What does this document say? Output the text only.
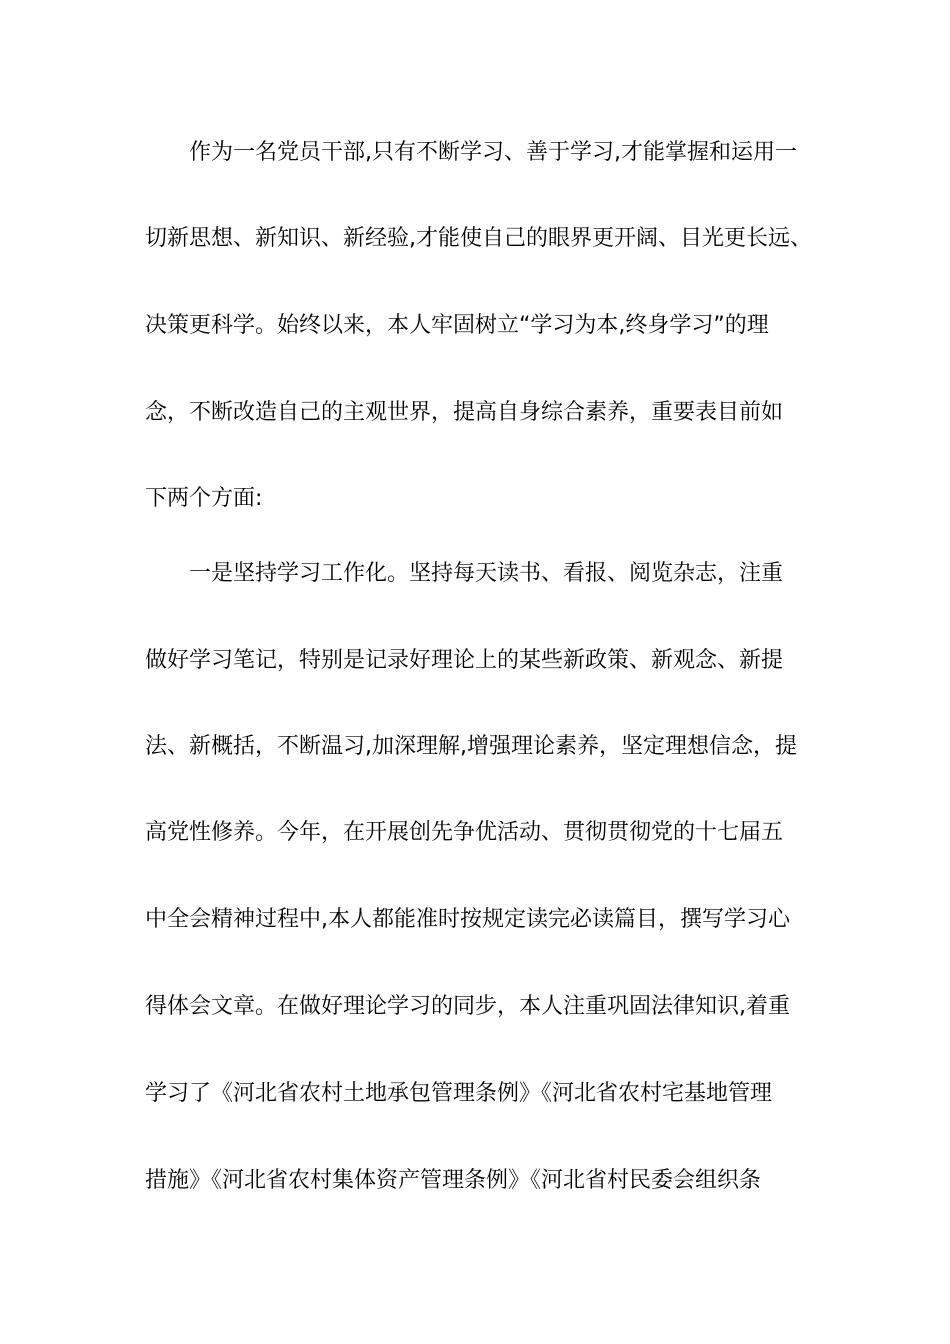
作为一名党员干部,只有不断学习、善于学习,才能掌握和运用一
切新思想、新知识、新经验,才能使自己的眼界更开阔、目光更长远、
决策更科学。始终以来，本人牢固树立“学习为本,终身学习”的理
念，不断改造自己的主观世界，提高自身综合素养，重要表目前如
下两个方面:
一是坚持学习工作化。坚持每天读书、看报、阅览杂志，注重
做好学习笔记，特别是记录好理论上的某些新政策、新观念、新提
法、新概括，不断温习,加深理解,增强理论素养，坚定理想信念，提
高党性修养。今年，在开展创先争优活动、贯彻贯彻党的十七届五
中全会精神过程中,本人都能准时按规定读完必读篇目，撰写学习心
得体会文章。在做好理论学习的同步，本人注重巩固法律知识,着重
学习了《河北省农村土地承包管理条例》《河北省农村宅基地管理
措施》《河北省农村集体资产管理条例》《河北省村民委会组织条
